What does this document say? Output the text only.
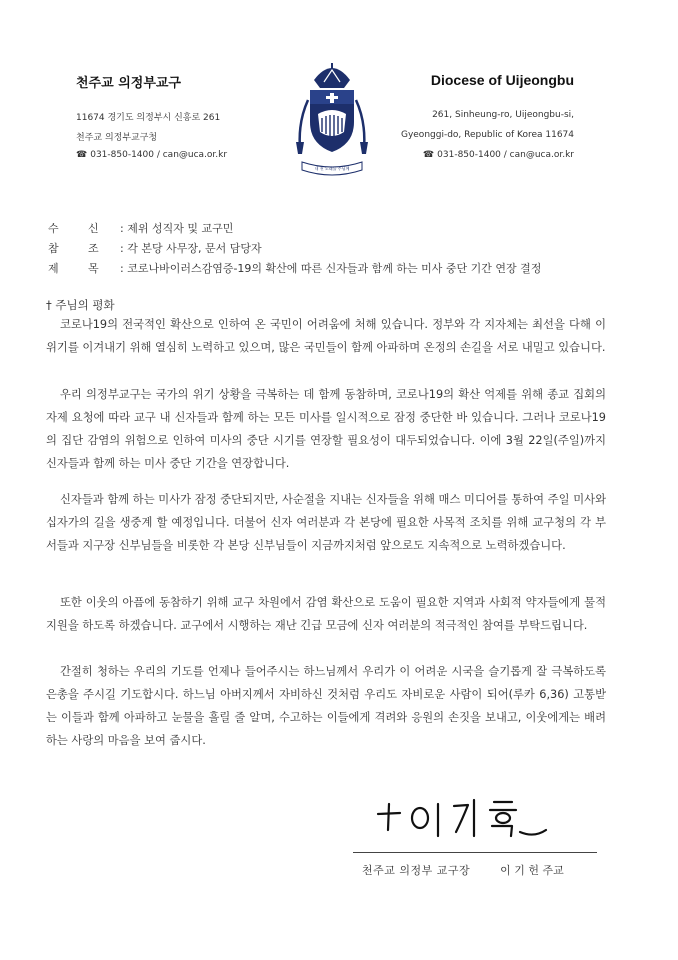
천주교 의정부교구
11674 경기도 의정부시 신흥로 261
천주교 의정부교구청
☎ 031-850-1400 / can@uca.or.kr
내 천 노래를 주님께
Diocese of Uijeongbu
261, Sinheung-ro, Uijeongbu-si,
Gyeonggi-do, Republic of Korea 11674
☎ 031-850-1400 / can@uca.or.kr
수	신 : 제위 성직자 및 교구민
참	조 : 각 본당 사무장, 문서 담당자
제	목 : 코로나바이러스감염증-19의 확산에 따른 신자들과 함께 하는 미사 중단 기간 연장 결정
† 주님의 평화

코로나19의 전국적인 확산으로 인하여 온 국민이 어려움에 처해 있습니다. 정부와 각 지자체는 최선을 다해 이 위기를 이겨내기 위해 열심히 노력하고 있으며, 많은 국민들이 함께 아파하며 온정의 손길을 서로 내밀고 있습니다.

우리 의정부교구는 국가의 위기 상황을 극복하는 데 함께 동참하며, 코로나19의 확산 억제를 위해 종교 집회의 자제 요청에 따라 교구 내 신자들과 함께 하는 모든 미사를 일시적으로 잠정 중단한 바 있습니다. 그러나 코로나19의 집단 감염의 위험으로 인하여 미사의 중단 시기를 연장할 필요성이 대두되었습니다. 이에 3월 22일(주일)까지 신자들과 함께 하는 미사 중단 기간을 연장합니다.

신자들과 함께 하는 미사가 잠정 중단되지만, 사순절을 지내는 신자들을 위해 매스 미디어를 통하여 주일 미사와 십자가의 길을 생중계 할 예정입니다. 더불어 신자 여러분과 각 본당에 필요한 사목적 조치를 위해 교구청의 각 부서들과 지구장 신부님들을 비롯한 각 본당 신부님들이 지금까지처럼 앞으로도 지속적으로 노력하겠습니다.

또한 이웃의 아픔에 동참하기 위해 교구 차원에서 감염 확산으로 도움이 필요한 지역과 사회적 약자들에게 물적 지원을 하도록 하겠습니다. 교구에서 시행하는 재난 긴급 모금에 신자 여러분의 적극적인 참여를 부탁드립니다.

간절히 청하는 우리의 기도를 언제나 들어주시는 하느님께서 우리가 이 어려운 시국을 슬기롭게 잘 극복하도록 은총을 주시길 기도합시다. 하느님 아버지께서 자비하신 것처럼 우리도 자비로운 사람이 되어(루카 6,36) 고통받는 이들과 함께 아파하고 눈물을 흘릴 줄 알며, 수고하는 이들에게 격려와 응원의 손짓을 보내고, 이웃에게는 배려하는 사랑의 마음을 보여 줍시다.

천주교 의정부 교구장	이 기 헌 주교
